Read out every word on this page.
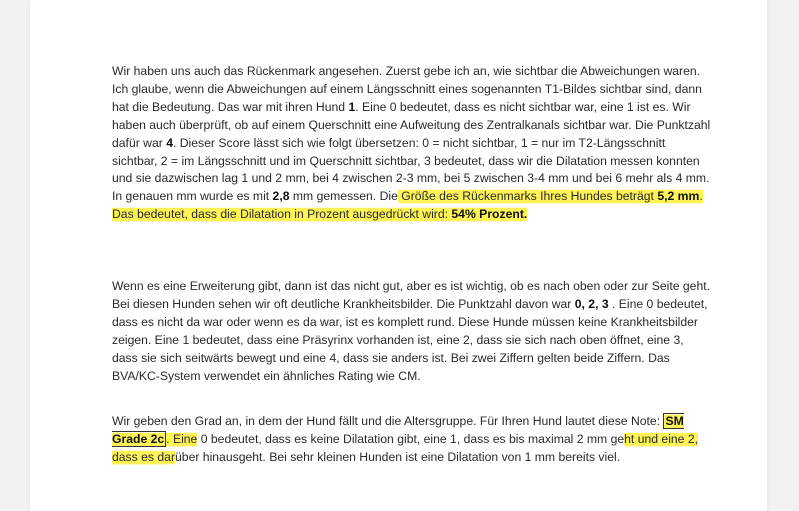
Wir haben uns auch das Rückenmark angesehen. Zuerst gebe ich an, wie sichtbar die Abweichungen waren. Ich glaube, wenn die Abweichungen auf einem Längsschnitt eines sogenannten T1-Bildes sichtbar sind, dann hat die Bedeutung. Das war mit ihren Hund 1. Eine 0 bedeutet, dass es nicht sichtbar war, eine 1 ist es. Wir haben auch überprüft, ob auf einem Querschnitt eine Aufweitung des Zentralkanals sichtbar war. Die Punktzahl dafür war 4. Dieser Score lässt sich wie folgt übersetzen: 0 = nicht sichtbar, 1 = nur im T2-Längsschnitt sichtbar, 2 = im Längsschnitt und im Querschnitt sichtbar, 3 bedeutet, dass wir die Dilatation messen konnten und sie dazwischen lag 1 und 2 mm, bei 4 zwischen 2-3 mm, bei 5 zwischen 3-4 mm und bei 6 mehr als 4 mm. In genauen mm wurde es mit 2,8 mm gemessen. Die Größe des Rückenmarks Ihres Hundes beträgt 5,2 mm. Das bedeutet, dass die Dilatation in Prozent ausgedrückt wird: 54% Prozent.

Wenn es eine Erweiterung gibt, dann ist das nicht gut, aber es ist wichtig, ob es nach oben oder zur Seite geht. Bei diesen Hunden sehen wir oft deutliche Krankheitsbilder. Die Punktzahl davon war 0, 2, 3 . Eine 0 bedeutet, dass es nicht da war oder wenn es da war, ist es komplett rund. Diese Hunde müssen keine Krankheitsbilder zeigen. Eine 1 bedeutet, dass eine Präsyrinx vorhanden ist, eine 2, dass sie sich nach oben öffnet, eine 3, dass sie sich seitwärts bewegt und eine 4, dass sie anders ist. Bei zwei Ziffern gelten beide Ziffern. Das BVA/KC-System verwendet ein ähnliches Rating wie CM.

Wir geben den Grad an, in dem der Hund fällt und die Altersgruppe. Für Ihren Hund lautet diese Note: SM Grade 2c . Eine 0 bedeutet, dass es keine Dilatation gibt, eine 1, dass es bis maximal 2 mm geht und eine 2, dass es darüber hinausgeht. Bei sehr kleinen Hunden ist eine Dilatation von 1 mm bereits viel.
